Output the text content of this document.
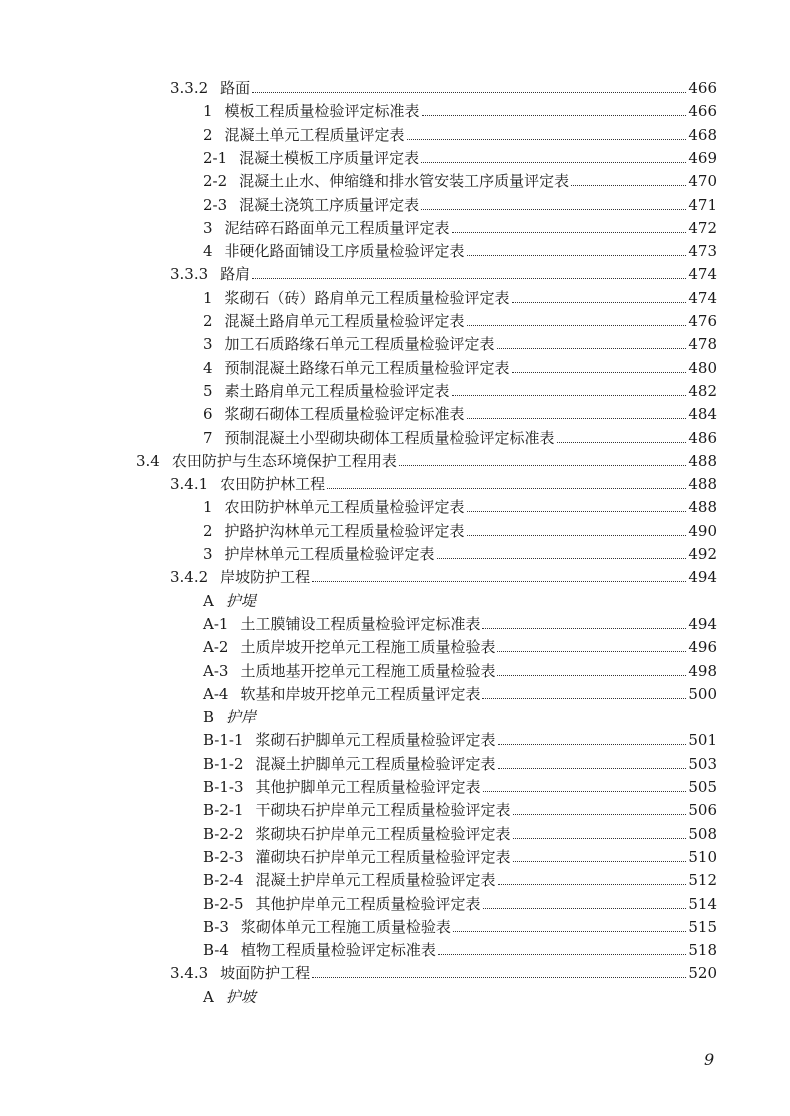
3.3.2 路面	466
1 模板工程质量检验评定标准表	466
2 混凝土单元工程质量评定表	468
2-1 混凝土模板工序质量评定表	469
2-2 混凝土止水、伸缩缝和排水管安装工序质量评定表	470
2-3 混凝土浇筑工序质量评定表	471
3 泥结碎石路面单元工程质量评定表	472
4 非硬化路面铺设工序质量检验评定表	473
3.3.3 路肩	474
1 浆砌石（砖）路肩单元工程质量检验评定表	474
2 混凝土路肩单元工程质量检验评定表	476
3 加工石质路缘石单元工程质量检验评定表	478
4 预制混凝土路缘石单元工程质量检验评定表	480
5 素土路肩单元工程质量检验评定表	482
6 浆砌石砌体工程质量检验评定标准表	484
7 预制混凝土小型砌块砌体工程质量检验评定标准表	486
3.4 农田防护与生态环境保护工程用表	488
3.4.1 农田防护林工程	488
1 农田防护林单元工程质量检验评定表	488
2 护路护沟林单元工程质量检验评定表	490
3 护岸林单元工程质量检验评定表	492
3.4.2 岸坡防护工程	494
A 护堤
A-1 土工膜铺设工程质量检验评定标准表	494
A-2 土质岸坡开挖单元工程施工质量检验表	496
A-3 土质地基开挖单元工程施工质量检验表	498
A-4 软基和岸坡开挖单元工程质量评定表	500
B 护岸
B-1-1 浆砌石护脚单元工程质量检验评定表	501
B-1-2 混凝土护脚单元工程质量检验评定表	503
B-1-3 其他护脚单元工程质量检验评定表	505
B-2-1 干砌块石护岸单元工程质量检验评定表	506
B-2-2 浆砌块石护岸单元工程质量检验评定表	508
B-2-3 灌砌块石护岸单元工程质量检验评定表	510
B-2-4 混凝土护岸单元工程质量检验评定表	512
B-2-5 其他护岸单元工程质量检验评定表	514
B-3 浆砌体单元工程施工质量检验表	515
B-4 植物工程质量检验评定标准表	518
3.4.3 坡面防护工程	520
A 护坡
9
